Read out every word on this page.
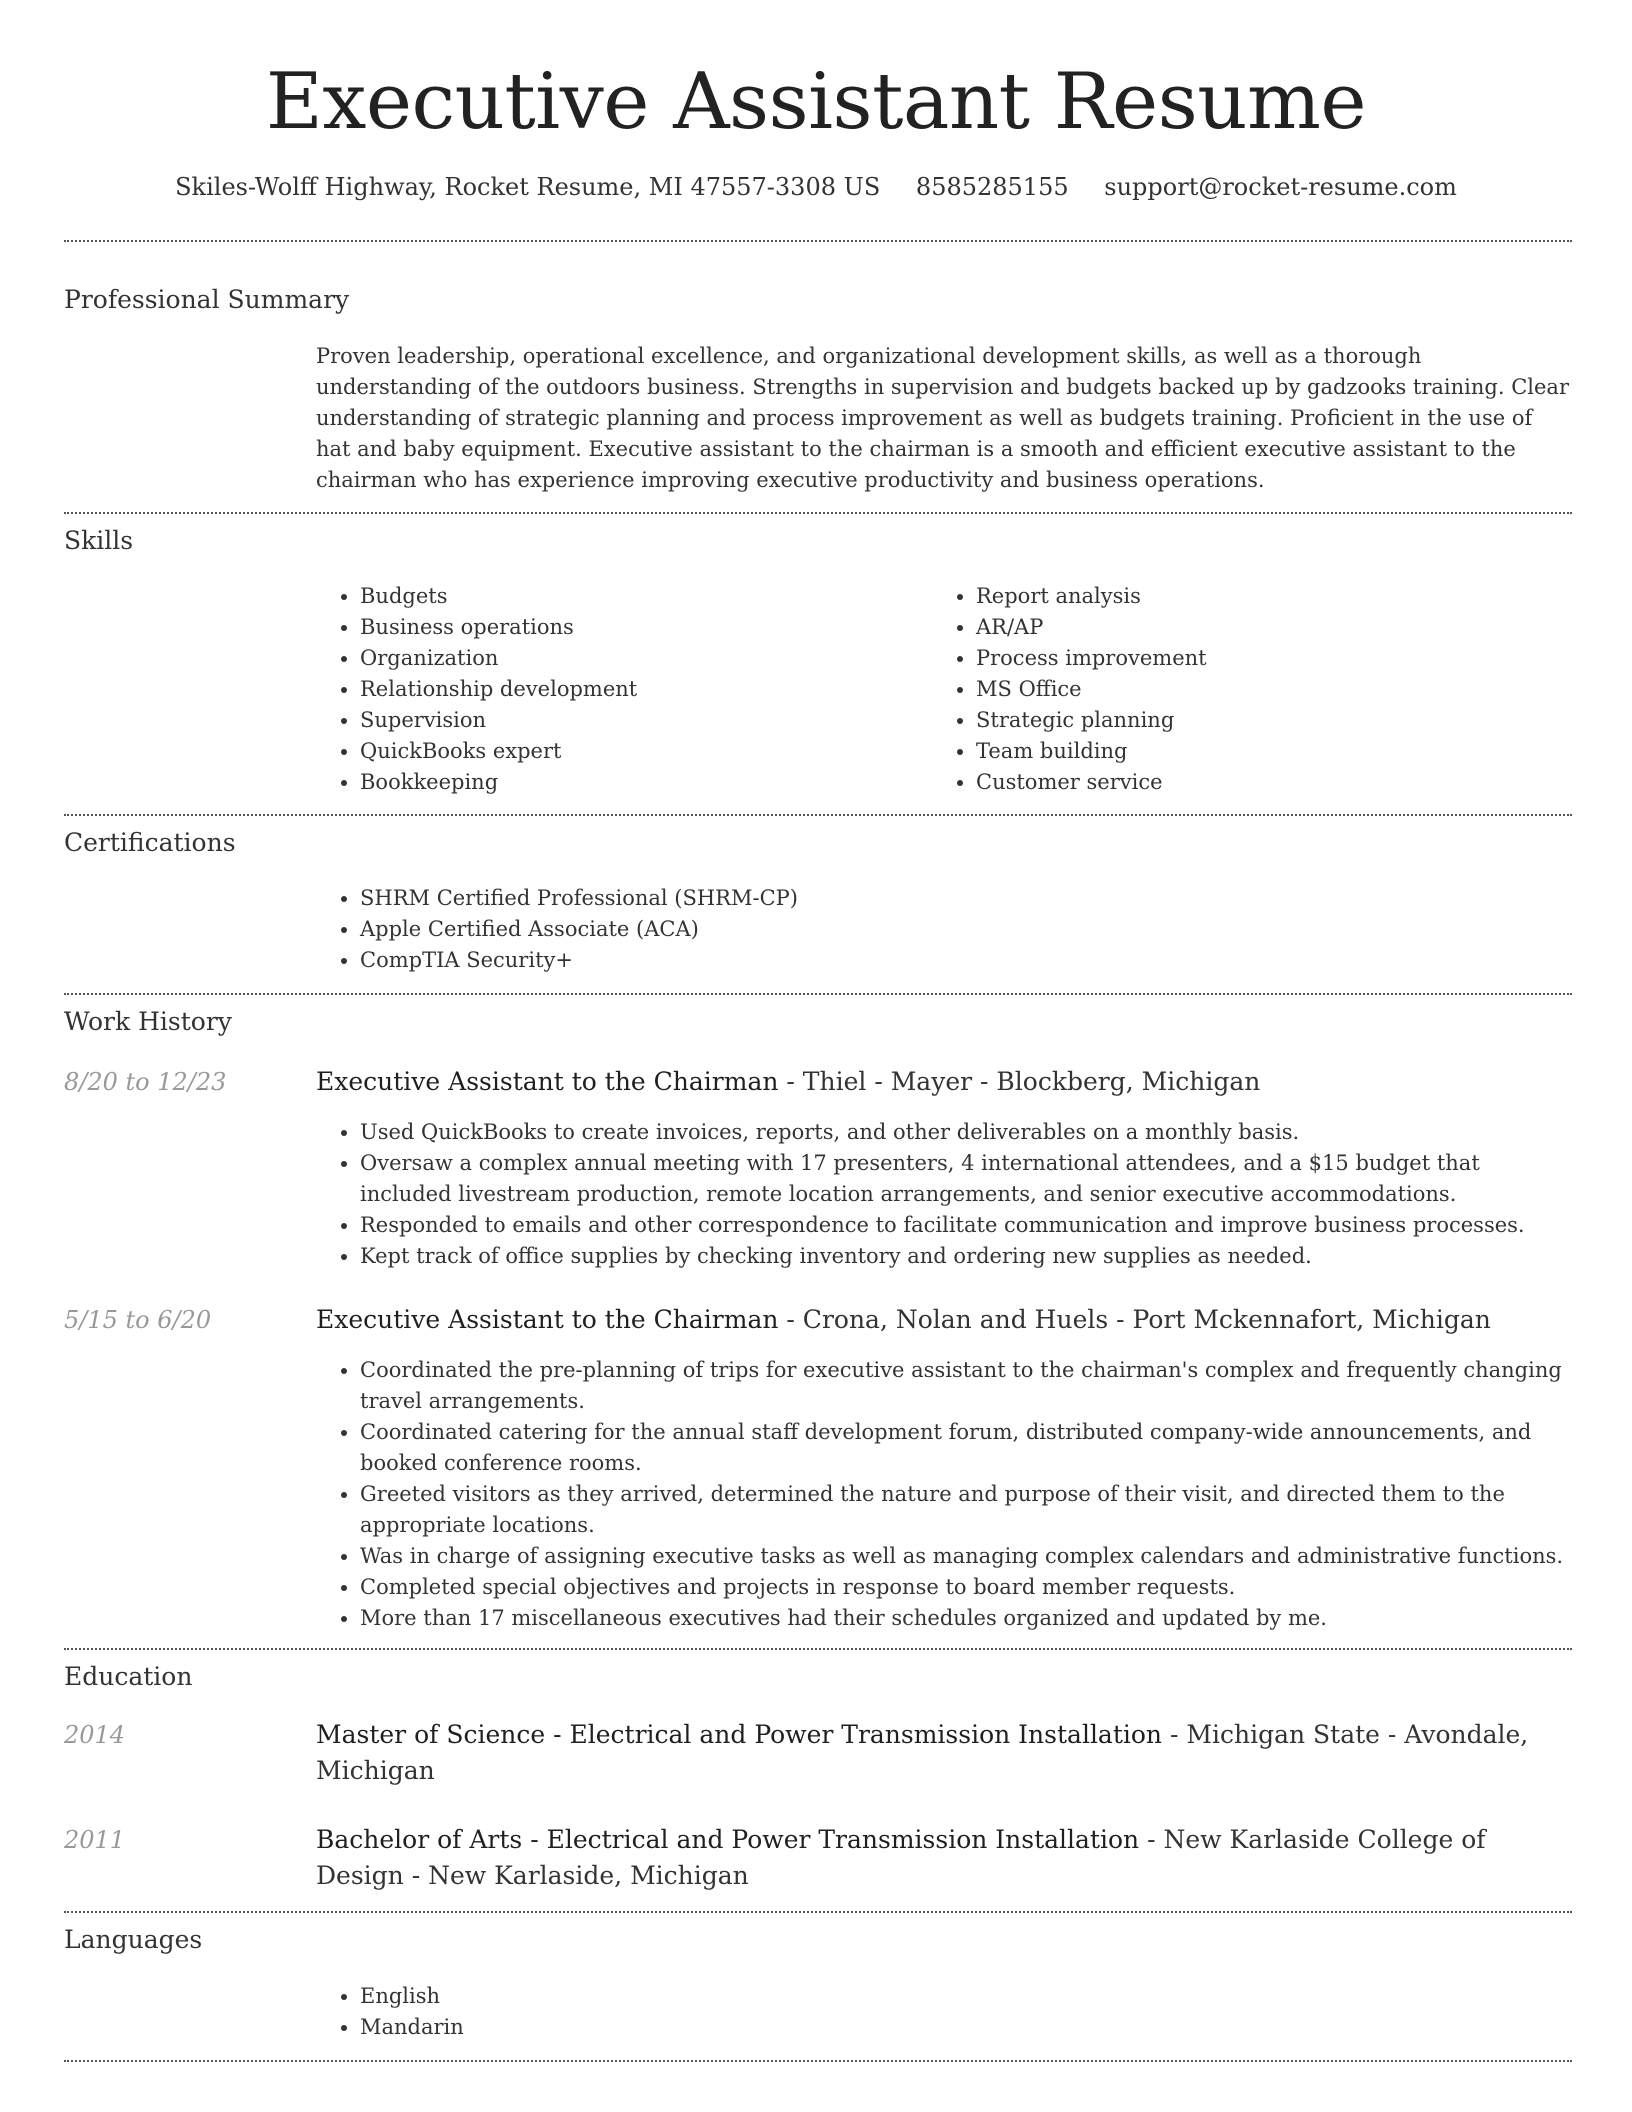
Executive Assistant Resume
Skiles-Wolff Highway, Rocket Resume, MI 47557-3308 US 8585285155 support@rocket-resume.com
Professional Summary

Proven leadership, operational excellence, and organizational development skills, as well as a thorough understanding of the outdoors business. Strengths in supervision and budgets backed up by gadzooks training. Clear understanding of strategic planning and process improvement as well as budgets training. Proficient in the use of hat and baby equipment. Executive assistant to the chairman is a smooth and efficient executive assistant to the chairman who has experience improving executive productivity and business operations.

Skills
• Budgets
• Business operations
• Organization
• Relationship development
• Supervision
• QuickBooks expert
• Bookkeeping
• Report analysis
• AR/AP
• Process improvement
• MS Office
• Strategic planning
• Team building
• Customer service
Certifications
• SHRM Certified Professional (SHRM-CP)
• Apple Certified Associate (ACA)
• CompTIA Security+
Work History
8/20 to 12/23	Executive Assistant to the Chairman - Thiel - Mayer - Blockberg, Michigan
• Used QuickBooks to create invoices, reports, and other deliverables on a monthly basis.
• Oversaw a complex annual meeting with 17 presenters, 4 international attendees, and a $15 budget that included livestream production, remote location arrangements, and senior executive accommodations.
• Responded to emails and other correspondence to facilitate communication and improve business processes.
• Kept track of office supplies by checking inventory and ordering new supplies as needed.
5/15 to 6/20	Executive Assistant to the Chairman - Crona, Nolan and Huels - Port Mckennafort, Michigan
• Coordinated the pre-planning of trips for executive assistant to the chairman's complex and frequently changing travel arrangements.
• Coordinated catering for the annual staff development forum, distributed company-wide announcements, and booked conference rooms.
• Greeted visitors as they arrived, determined the nature and purpose of their visit, and directed them to the appropriate locations.
• Was in charge of assigning executive tasks as well as managing complex calendars and administrative functions.
• Completed special objectives and projects in response to board member requests.
• More than 17 miscellaneous executives had their schedules organized and updated by me.
Education
2014	Master of Science - Electrical and Power Transmission Installation - Michigan State - Avondale, Michigan
2011	Bachelor of Arts - Electrical and Power Transmission Installation - New Karlaside College of Design - New Karlaside, Michigan
Languages
• English
• Mandarin
